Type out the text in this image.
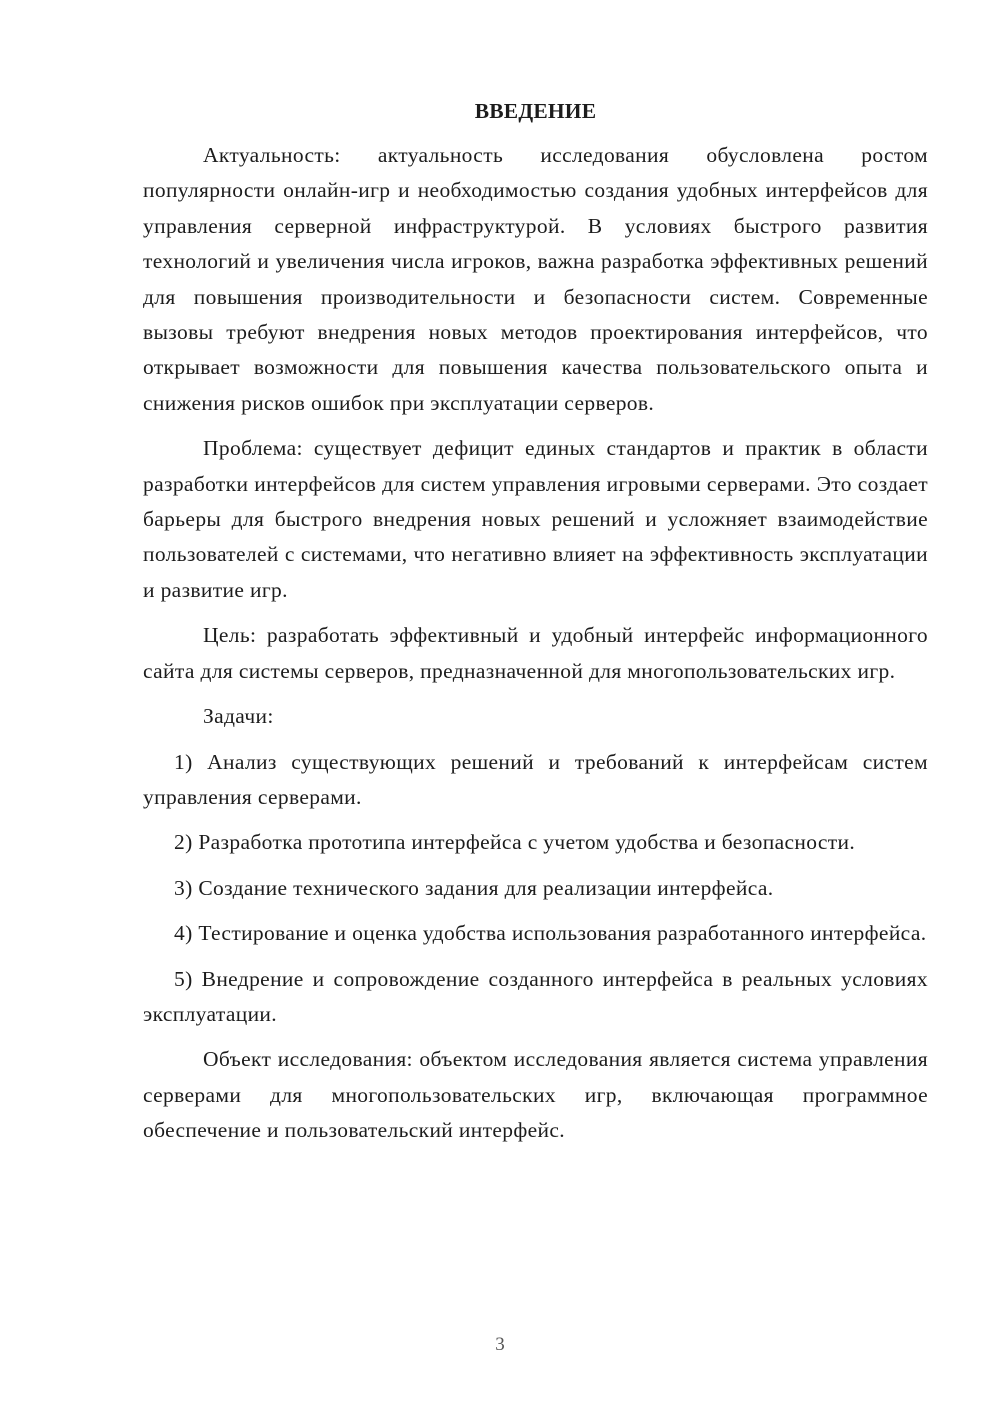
ВВЕДЕНИЕ

Актуальность: актуальность исследования обусловлена ростом популярности онлайн-игр и необходимостью создания удобных интерфейсов для управления серверной инфраструктурой. В условиях быстрого развития технологий и увеличения числа игроков, важна разработка эффективных решений для повышения производительности и безопасности систем. Современные вызовы требуют внедрения новых методов проектирования интерфейсов, что открывает возможности для повышения качества пользовательского опыта и снижения рисков ошибок при эксплуатации серверов.

Проблема: существует дефицит единых стандартов и практик в области разработки интерфейсов для систем управления игровыми серверами. Это создает барьеры для быстрого внедрения новых решений и усложняет взаимодействие пользователей с системами, что негативно влияет на эффективность эксплуатации и развитие игр.

Цель: разработать эффективный и удобный интерфейс информационного сайта для системы серверов, предназначенной для многопользовательских игр.

Задачи:

1) Анализ существующих решений и требований к интерфейсам систем управления серверами.

2) Разработка прототипа интерфейса с учетом удобства и безопасности.

3) Создание технического задания для реализации интерфейса.

4) Тестирование и оценка удобства использования разработанного интерфейса.

5) Внедрение и сопровождение созданного интерфейса в реальных условиях эксплуатации.

Объект исследования: объектом исследования является система управления серверами для многопользовательских игр, включающая программное обеспечение и пользовательский интерфейс.

3
